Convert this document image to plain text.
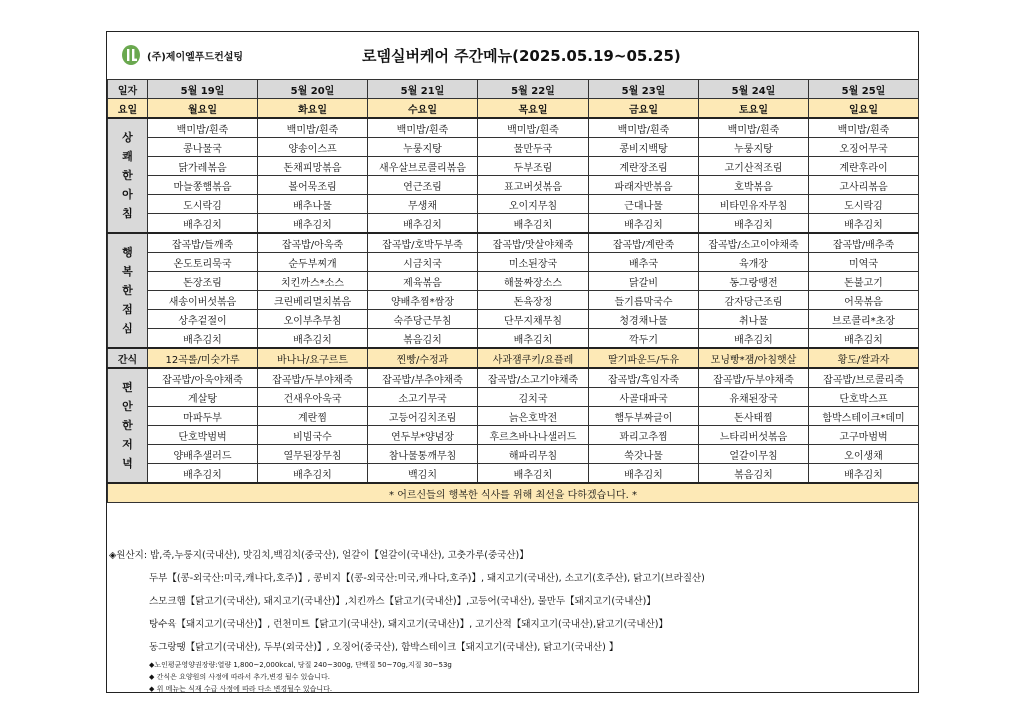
(주)제이엘푸드컨설팅	로뎀실버케어 주간메뉴(2025.05.19~05.25)
일자	5월 19일	5월 20일	5월 21일	5월 22일	5월 23일	5월 24일	5월 25일
요일	월요일	화요일	수요일	목요일	금요일	토요일	일요일
상쾌한아침	백미밥/흰죽	백미밥/흰죽	백미밥/흰죽	백미밥/흰죽	백미밥/흰죽	백미밥/흰죽	백미밥/흰죽
	콩나물국	양송이스프	누룽지탕	물만두국	콩비지백탕	누룽지탕	오징어무국
	닭가레볶음	돈채피망볶음	새우살브로콜리볶음	두부조림	계란장조림	고기산적조림	계란후라이
	마늘쫑햄볶음	볼어묵조림	연근조림	표고버섯볶음	파래자반볶음	호박볶음	고사리볶음
	도시락김	배추나물	무생채	오이지무침	근대나물	비타민유자무침	도시락김
	배추김치	배추김치	배추김치	배추김치	배추김치	배추김치	배추김치
행복한점심	잡곡밥/들깨죽	잡곡밥/아욱죽	잡곡밥/호박두부죽	잡곡밥/맛살야채죽	잡곡밥/계란죽	잡곡밥/소고이야채죽	잡곡밥/배추죽
	온도토리묵국	순두부찌개	시금치국	미소된장국	배추국	육개장	미역국
	돈장조림	치킨까스*소스	제육볶음	해물짜장소스	닭갈비	동그랑땡전	돈불고기
	새송이버섯볶음	크린베리멸치볶음	양배추찜*쌈장	돈육장정	들기름막국수	감자당근조림	어묵볶음
	상추겉절이	오이부추무침	숙주당근무침	단무지채무침	청경채나물	취나물	브로콜리*초장
	배추김치	배추김치	볶음김치	배추김치	깍두기	배추김치	배추김치
간식	12곡롤/미숫가루	바나나/요구르트	찐빵/수정과	사과잼쿠키/요플레	딸기파운드/두유	모닝빵*잼/아침햇살	황도/쌀과자
편안한저녁	잡곡밥/아욱야채죽	잡곡밥/두부야채죽	잡곡밥/부추야채죽	잡곡밥/소고기야채죽	잡곡밥/흑임자죽	잡곡밥/두부야채죽	잡곡밥/브로콜리죽
	게살탕	건새우아욱국	소고기무국	김치국	사골대파국	유채된장국	단호박스프
	마파두부	계란찜	고등어김치조림	늙은호박전	햄두부짜글이	돈사태찜	함박스테이크*데미
	단호박범벅	비빔국수	연두부*양념장	후르츠바나나샐러드	꽈리고추찜	느타리버섯볶음	고구마범벅
	양배추샐러드	열무된장무침	참나물통깨무침	해파리무침	쑥갓나물	얼갈이무침	오이생채
	배추김치	배추김치	백김치	배추김치	배추김치	볶음김치	배추김치
* 어르신들의 행복한 식사를 위해 최선을 다하겠습니다. *							
◈원산지: 밥,죽,누룽지(국내산), 맛김치,백김치(중국산), 얼갈이【얼갈이(국내산), 고춧가루(중국산)】
두부【(콩-외국산:미국,캐나다,호주)】, 콩비지【(콩-외국산:미국,캐나다,호주)】, 돼지고기(국내산), 소고기(호주산), 닭고기(브라질산)
스모크햄【닭고기(국내산), 돼지고기(국내산)】,치킨까스【닭고기(국내산)】,고등어(국내산), 물만두【돼지고기(국내산)】
탕수육【돼지고기(국내산)】, 런천미트【닭고기(국내산), 돼지고기(국내산)】, 고기산적【돼지고기(국내산),닭고기(국내산)】
동그랑땡【닭고기(국내산), 두부(외국산)】, 오징어(중국산), 함박스테이크【돼지고기(국내산), 닭고기(국내산) 】
◆노인평균영양권장량:열량 1,800~2,000kcal, 당질 240~300g, 단백질 50~70g,지질 30~53g
◆ 간식은 요양원의 사정에 따라서 추가,변경 될수 있습니다.
◆ 위 메뉴는 식재 수급 사정에 따라 다소 변경될수 있습니다.
